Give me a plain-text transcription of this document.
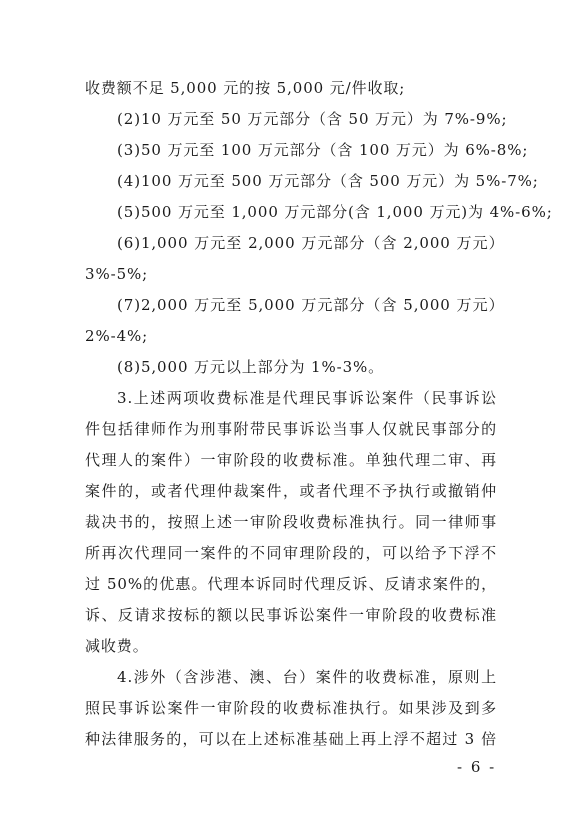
收费额不足 5,000 元的按 5,000 元/件收取;
(2)10 万元至 50 万元部分（含 50 万元）为 7%-9%;
(3)50 万元至 100 万元部分（含 100 万元）为 6%-8%;
(4)100 万元至 500 万元部分（含 500 万元）为 5%-7%;
(5)500 万元至 1,000 万元部分(含 1,000 万元)为 4%-6%;
(6)1,000 万元至 2,000 万元部分（含 2,000 万元）
3%-5%;
(7)2,000 万元至 5,000 万元部分（含 5,000 万元）
2%-4%;
(8)5,000 万元以上部分为 1%-3%。
3.上述两项收费标准是代理民事诉讼案件（民事诉讼
件包括律师作为刑事附带民事诉讼当事人仅就民事部分的
代理人的案件）一审阶段的收费标准。单独代理二审、再
案件的，或者代理仲裁案件，或者代理不予执行或撤销仲
裁决书的，按照上述一审阶段收费标准执行。同一律师事
所再次代理同一案件的不同审理阶段的，可以给予下浮不
过 50%的优惠。代理本诉同时代理反诉、反请求案件的，
诉、反请求按标的额以民事诉讼案件一审阶段的收费标准
减收费。
4.涉外（含涉港、澳、台）案件的收费标准，原则上
照民事诉讼案件一审阶段的收费标准执行。如果涉及到多
种法律服务的，可以在上述标准基础上再上浮不超过 3 倍
- 6 -
